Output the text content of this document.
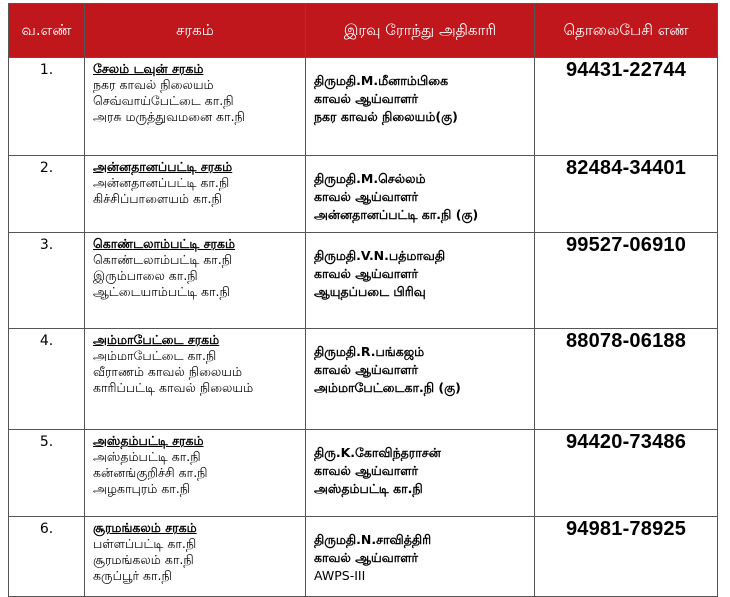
வ.எண்	சரகம்	இரவு ரோந்து அதிகாரி	தொலைபேசி எண்
1.	சேலம் டவுன் சரகம்
நகர காவல் நிலையம்
செவ்வாய்பேட்டை கா.நி
அரசு மருத்துவமனை கா.நி	திருமதி.M.மீனாம்பிகை
காவல் ஆய்வாளர்
நகர காவல் நிலையம்(கு)	94431-22744
2.	அன்னதானப்பட்டி சரகம்
அன்னதானப்பட்டி கா.நி
கிச்சிப்பாளையம் கா.நி	திருமதி.M.செல்லம்
காவல் ஆய்வாளர்
அன்னதானப்பட்டி கா.நி (கு)	82484-34401
3.	கொண்டலாம்பட்டி சரகம்
கொண்டலாம்பட்டி கா.நி
இரும்பாலை கா.நி
ஆட்டையாம்பட்டி கா.நி	திருமதி.V.N.பத்மாவதி
காவல் ஆய்வாளர்
ஆயுதப்படை பிரிவு	99527-06910
4.	அம்மாபேட்டை சரகம்
அம்மாபேட்டை கா.நி
வீராணம் காவல் நிலையம்
காரிப்பட்டி காவல் நிலையம்	திருமதி.R.பங்கஜம்
காவல் ஆய்வாளர்
அம்மாபேட்டைகா.நி (கு)	88078-06188
5.	அஸ்தம்பட்டி சரகம்
அஸ்தம்பட்டி கா.நி
கன்னங்குறிச்சி கா.நி
அழகாபுரம் கா.நி	திரு.K.கோவிந்தராசன்
காவல் ஆய்வாளர்
அஸ்தம்பட்டி கா.நி	94420-73486
6.	சூரமங்கலம் சரகம்
பள்ளப்பட்டி கா.நி
சூரமங்கலம் கா.நி
கருப்பூர் கா.நி	திருமதி.N.சாவித்திரி
காவல் ஆய்வாளர்
AWPS-III	94981-78925
